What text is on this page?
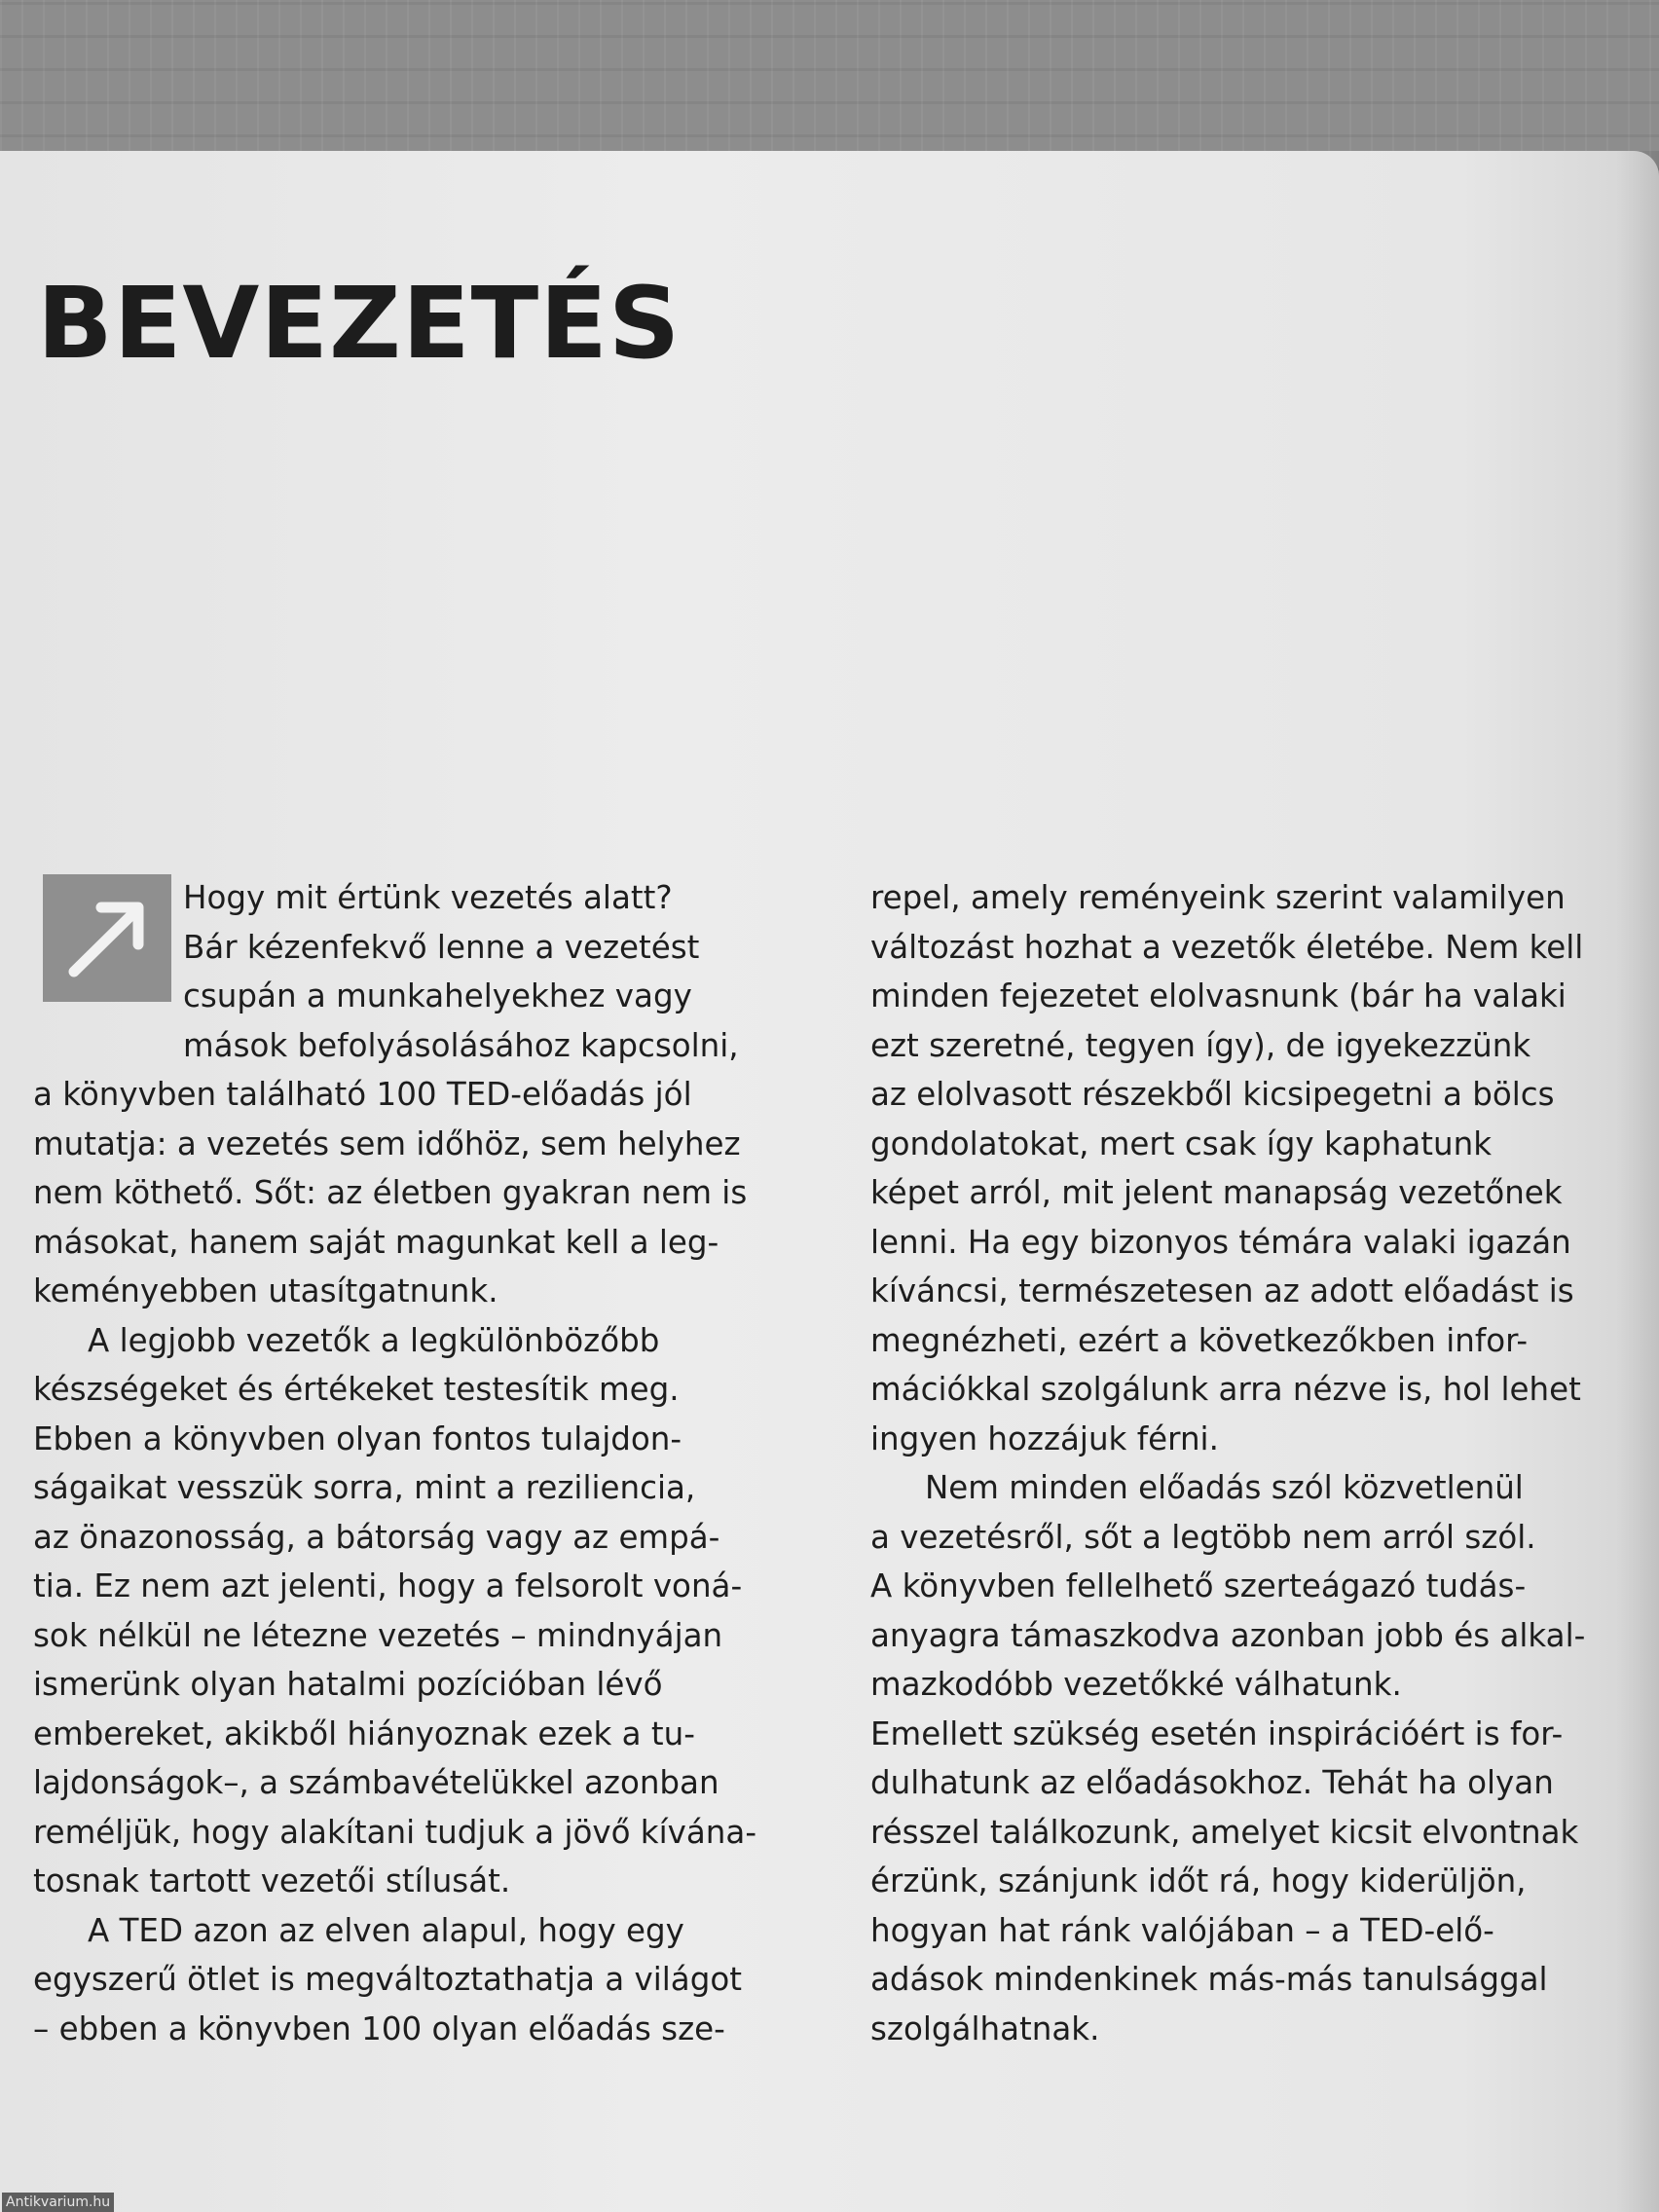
BEVEZETÉS
Hogy mit értünk vezetés alatt?
Bár kézenfekvő lenne a vezetést
csupán a munkahelyekhez vagy
mások befolyásolásához kapcsolni,
a könyvben található 100 TED-előadás jól
mutatja: a vezetés sem időhöz, sem helyhez
nem köthető. Sőt: az életben gyakran nem is
másokat, hanem saját magunkat kell a leg-
keményebben utasítgatnunk.
A legjobb vezetők a legkülönbözőbb
készségeket és értékeket testesítik meg.
Ebben a könyvben olyan fontos tulajdon-
ságaikat vesszük sorra, mint a reziliencia,
az önazonosság, a bátorság vagy az empá-
tia. Ez nem azt jelenti, hogy a felsorolt voná-
sok nélkül ne létezne vezetés – mindnyájan
ismerünk olyan hatalmi pozícióban lévő
embereket, akikből hiányoznak ezek a tu-
lajdonságok–, a számbavételükkel azonban
reméljük, hogy alakítani tudjuk a jövő kívána-
tosnak tartott vezetői stílusát.
A TED azon az elven alapul, hogy egy
egyszerű ötlet is megváltoztathatja a világot
– ebben a könyvben 100 olyan előadás sze-
repel, amely reményeink szerint valamilyen
változást hozhat a vezetők életébe. Nem kell
minden fejezetet elolvasnunk (bár ha valaki
ezt szeretné, tegyen így), de igyekezzünk
az elolvasott részekből kicsipegetni a bölcs
gondolatokat, mert csak így kaphatunk
képet arról, mit jelent manapság vezetőnek
lenni. Ha egy bizonyos témára valaki igazán
kíváncsi, természetesen az adott előadást is
megnézheti, ezért a következőkben infor-
mációkkal szolgálunk arra nézve is, hol lehet
ingyen hozzájuk férni.
Nem minden előadás szól közvetlenül
a vezetésről, sőt a legtöbb nem arról szól.
A könyvben fellelhető szerteágazó tudás-
anyagra támaszkodva azonban jobb és alkal-
mazkodóbb vezetőkké válhatunk.
Emellett szükség esetén inspirációért is for-
dulhatunk az előadásokhoz. Tehát ha olyan
résszel találkozunk, amelyet kicsit elvontnak
érzünk, szánjunk időt rá, hogy kiderüljön,
hogyan hat ránk valójában – a TED-elő-
adások mindenkinek más-más tanulsággal
szolgálhatnak.
Antikvarium.hu
